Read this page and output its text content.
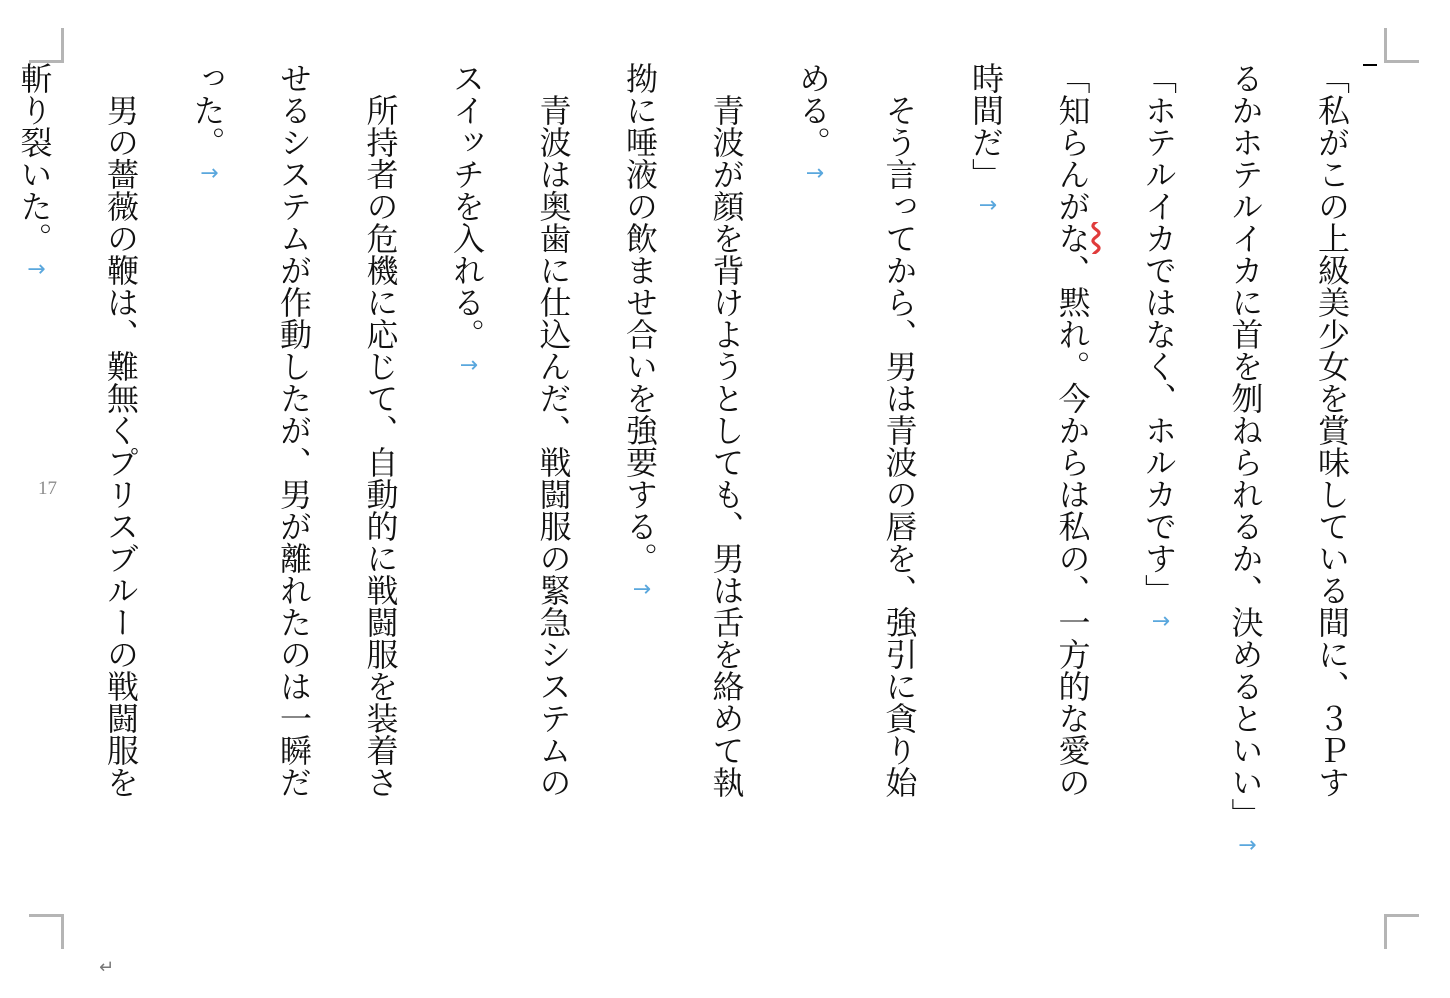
「私がこの上級美少女を賞味している間に、３Ｐす
るかホテルイカに首を刎ねられるか、決めるといい」↑
「ホテルイカではなく、ホルカです」↑
「知らんがな、黙れ。今からは私の、一方的な愛の
時間だ」↑
　そう言ってから、男は青波の唇を、強引に貪り始
める。↑
　青波が顔を背けようとしても、男は舌を絡めて執
拗に唾液の飲ませ合いを強要する。↑
　青波は奥歯に仕込んだ、戦闘服の緊急システムの
スイッチを入れる。↑
　所持者の危機に応じて、自動的に戦闘服を装着さ
せるシステムが作動したが、男が離れたのは一瞬だ
った。↑
　男の薔薇の鞭は、難無くプリスブルーの戦闘服を
斬り裂いた。↑
17
↵
